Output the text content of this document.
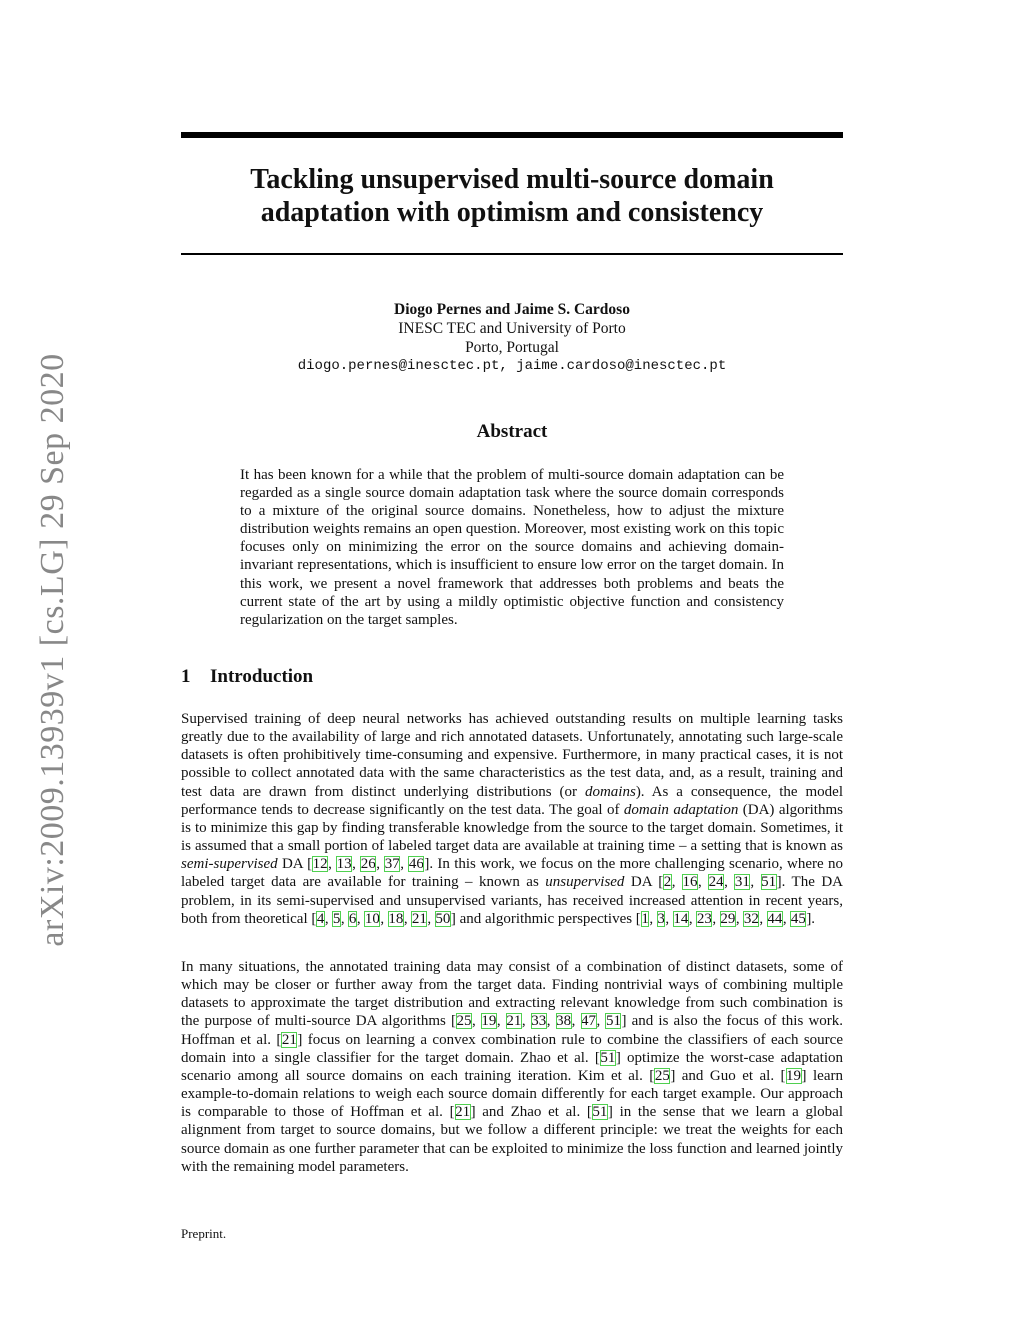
arXiv:2009.13939v1 [cs.LG] 29 Sep 2020
Tackling unsupervised multi-source domain
adaptation with optimism and consistency
Diogo Pernes and Jaime S. Cardoso
INESC TEC and University of Porto
Porto, Portugal
diogo.pernes@inesctec.pt, jaime.cardoso@inesctec.pt
Abstract
It has been known for a while that the problem of multi-source domain adaptation can be regarded as a single source domain adaptation task where the source domain corresponds to a mixture of the original source domains. Nonetheless, how to adjust the mixture distribution weights remains an open question. Moreover, most existing work on this topic focuses only on minimizing the error on the source domains and achieving domain-invariant representations, which is insufficient to ensure low error on the target domain. In this work, we present a novel framework that addresses both problems and beats the current state of the art by using a mildly optimistic objective function and consistency regularization on the target samples.
1 Introduction

Supervised training of deep neural networks has achieved outstanding results on multiple learning tasks greatly due to the availability of large and rich annotated datasets. Unfortunately, annotating such large-scale datasets is often prohibitively time-consuming and expensive. Furthermore, in many practical cases, it is not possible to collect annotated data with the same characteristics as the test data, and, as a result, training and test data are drawn from distinct underlying distributions (or domains). As a consequence, the model performance tends to decrease significantly on the test data. The goal of domain adaptation (DA) algorithms is to minimize this gap by finding transferable knowledge from the source to the target domain. Sometimes, it is assumed that a small portion of labeled target data are available at training time – a setting that is known as semi-supervised DA [12, 13, 26, 37, 46]. In this work, we focus on the more challenging scenario, where no labeled target data are available for training – known as unsupervised DA [2, 16, 24, 31, 51]. The DA problem, in its semi-supervised and unsupervised variants, has received increased attention in recent years, both from theoretical [4, 5, 6, 10, 18, 21, 50] and algorithmic perspectives [1, 3, 14, 23, 29, 32, 44, 45].

In many situations, the annotated training data may consist of a combination of distinct datasets, some of which may be closer or further away from the target data. Finding nontrivial ways of combining multiple datasets to approximate the target distribution and extracting relevant knowledge from such combination is the purpose of multi-source DA algorithms [25, 19, 21, 33, 38, 47, 51] and is also the focus of this work. Hoffman et al. [21] focus on learning a convex combination rule to combine the classifiers of each source domain into a single classifier for the target domain. Zhao et al. [51] optimize the worst-case adaptation scenario among all source domains on each training iteration. Kim et al. [25] and Guo et al. [19] learn example-to-domain relations to weigh each source domain differently for each target example. Our approach is comparable to those of Hoffman et al. [21] and Zhao et al. [51] in the sense that we learn a global alignment from target to source domains, but we follow a different principle: we treat the weights for each source domain as one further parameter that can be exploited to minimize the loss function and learned jointly with the remaining model parameters.

Preprint.
